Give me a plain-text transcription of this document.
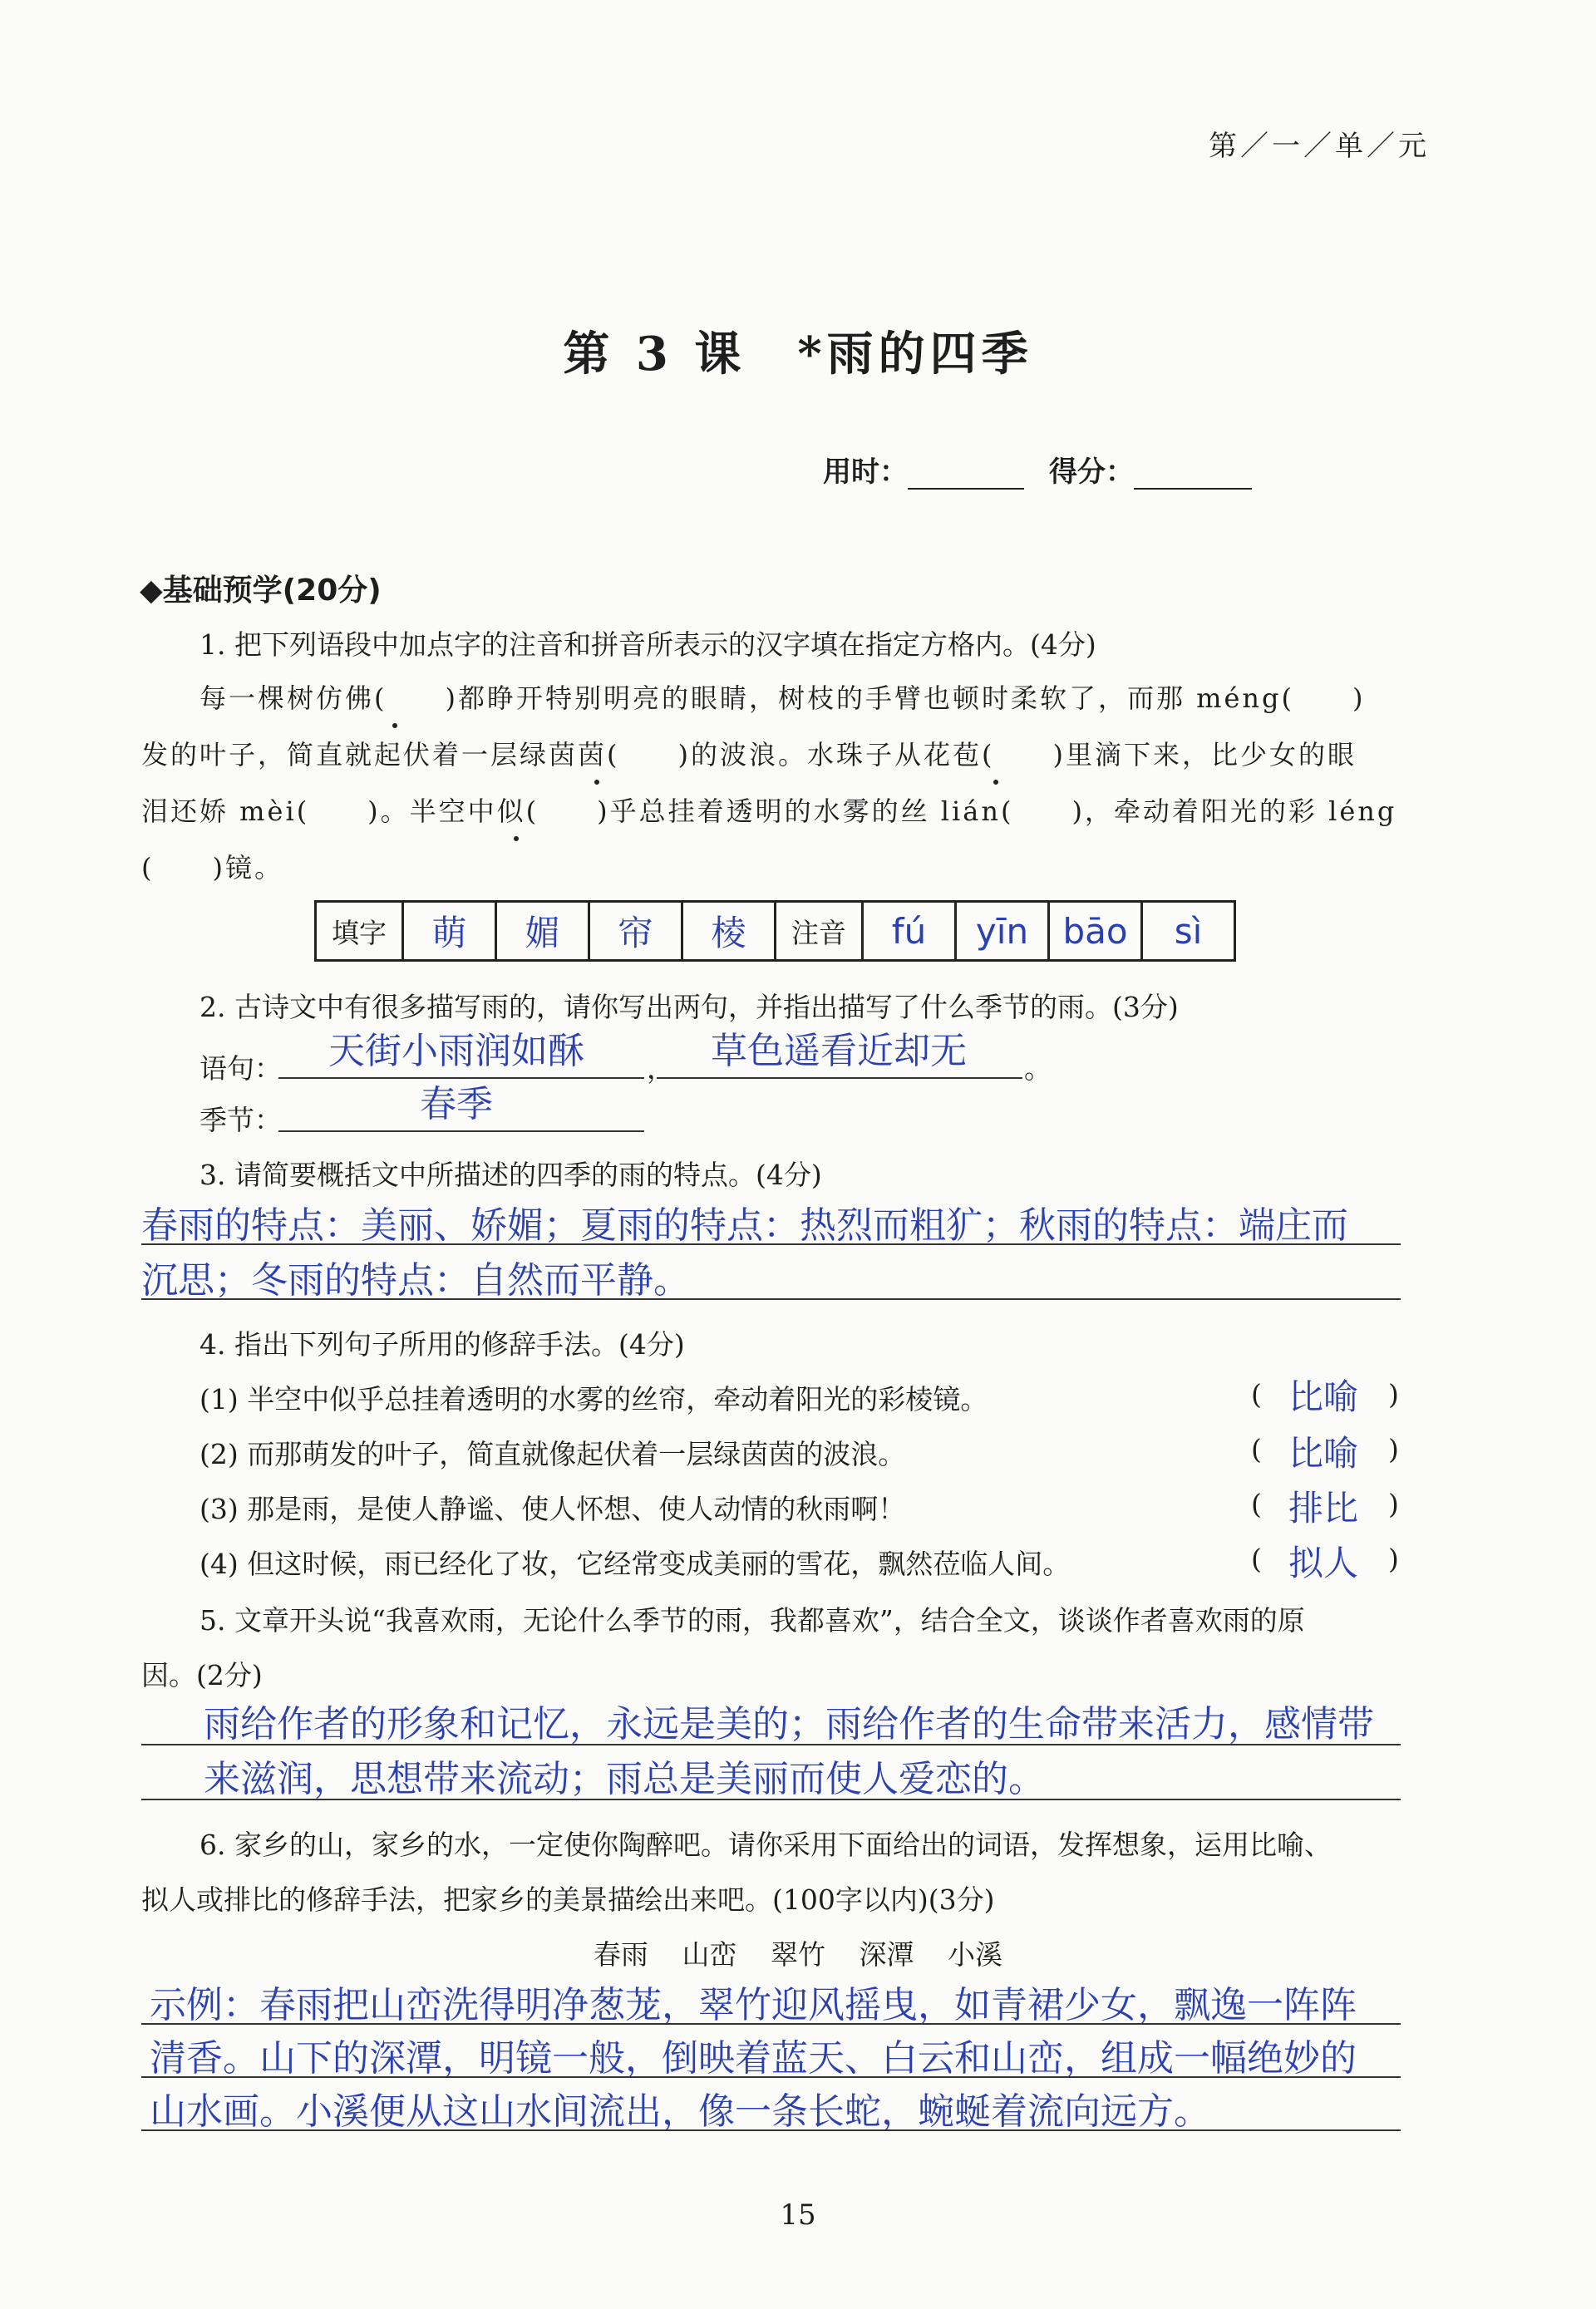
第／一／单／元
第 3 课　*雨的四季
用时：	得分：
◆基础预学(20分)
1. 把下列语段中加点字的注音和拼音所表示的汉字填在指定方格内。(4分)
每一棵树仿佛(　　)都睁开特别明亮的眼睛，树枝的手臂也顿时柔软了，而那 méng(　　)
发的叶子，简直就起伏着一层绿茵茵(　　)的波浪。水珠子从花苞(　　)里滴下来，比少女的眼
泪还娇 mèi(　　)。半空中似(　　)乎总挂着透明的水雾的丝 lián(　　)，牵动着阳光的彩 léng
(　　)镜。
填字	萌	媚	帘	棱	注音	fú	yīn	bāo	sì
2. 古诗文中有很多描写雨的，请你写出两句，并指出描写了什么季节的雨。(3分)
语句： 天街小雨润如酥 ， 草色遥看近却无 。
季节：	春季
3. 请简要概括文中所描述的四季的雨的特点。(4分)
春雨的特点：美丽、娇媚；夏雨的特点：热烈而粗犷；秋雨的特点：端庄而
沉思；冬雨的特点：自然而平静。
4. 指出下列句子所用的修辞手法。(4分)
(1) 半空中似乎总挂着透明的水雾的丝帘，牵动着阳光的彩棱镜。	( 比喻 )
(2) 而那萌发的叶子，简直就像起伏着一层绿茵茵的波浪。	( 比喻 )
(3) 那是雨，是使人静谧、使人怀想、使人动情的秋雨啊！	( 排比 )
(4) 但这时候，雨已经化了妆，它经常变成美丽的雪花，飘然莅临人间。	( 拟人 )
5. 文章开头说“我喜欢雨，无论什么季节的雨，我都喜欢”，结合全文，谈谈作者喜欢雨的原
因。(2分)
雨给作者的形象和记忆，永远是美的；雨给作者的生命带来活力，感情带
来滋润，思想带来流动；雨总是美丽而使人爱恋的。
6. 家乡的山，家乡的水，一定使你陶醉吧。请你采用下面给出的词语，发挥想象，运用比喻、
拟人或排比的修辞手法，把家乡的美景描绘出来吧。(100字以内)(3分)
春雨 山峦 翠竹 深潭 小溪
示例：春雨把山峦洗得明净葱茏，翠竹迎风摇曳，如青裙少女，飘逸一阵阵
清香。山下的深潭，明镜一般，倒映着蓝天、白云和山峦，组成一幅绝妙的
山水画。小溪便从这山水间流出，像一条长蛇，蜿蜒着流向远方。
15
